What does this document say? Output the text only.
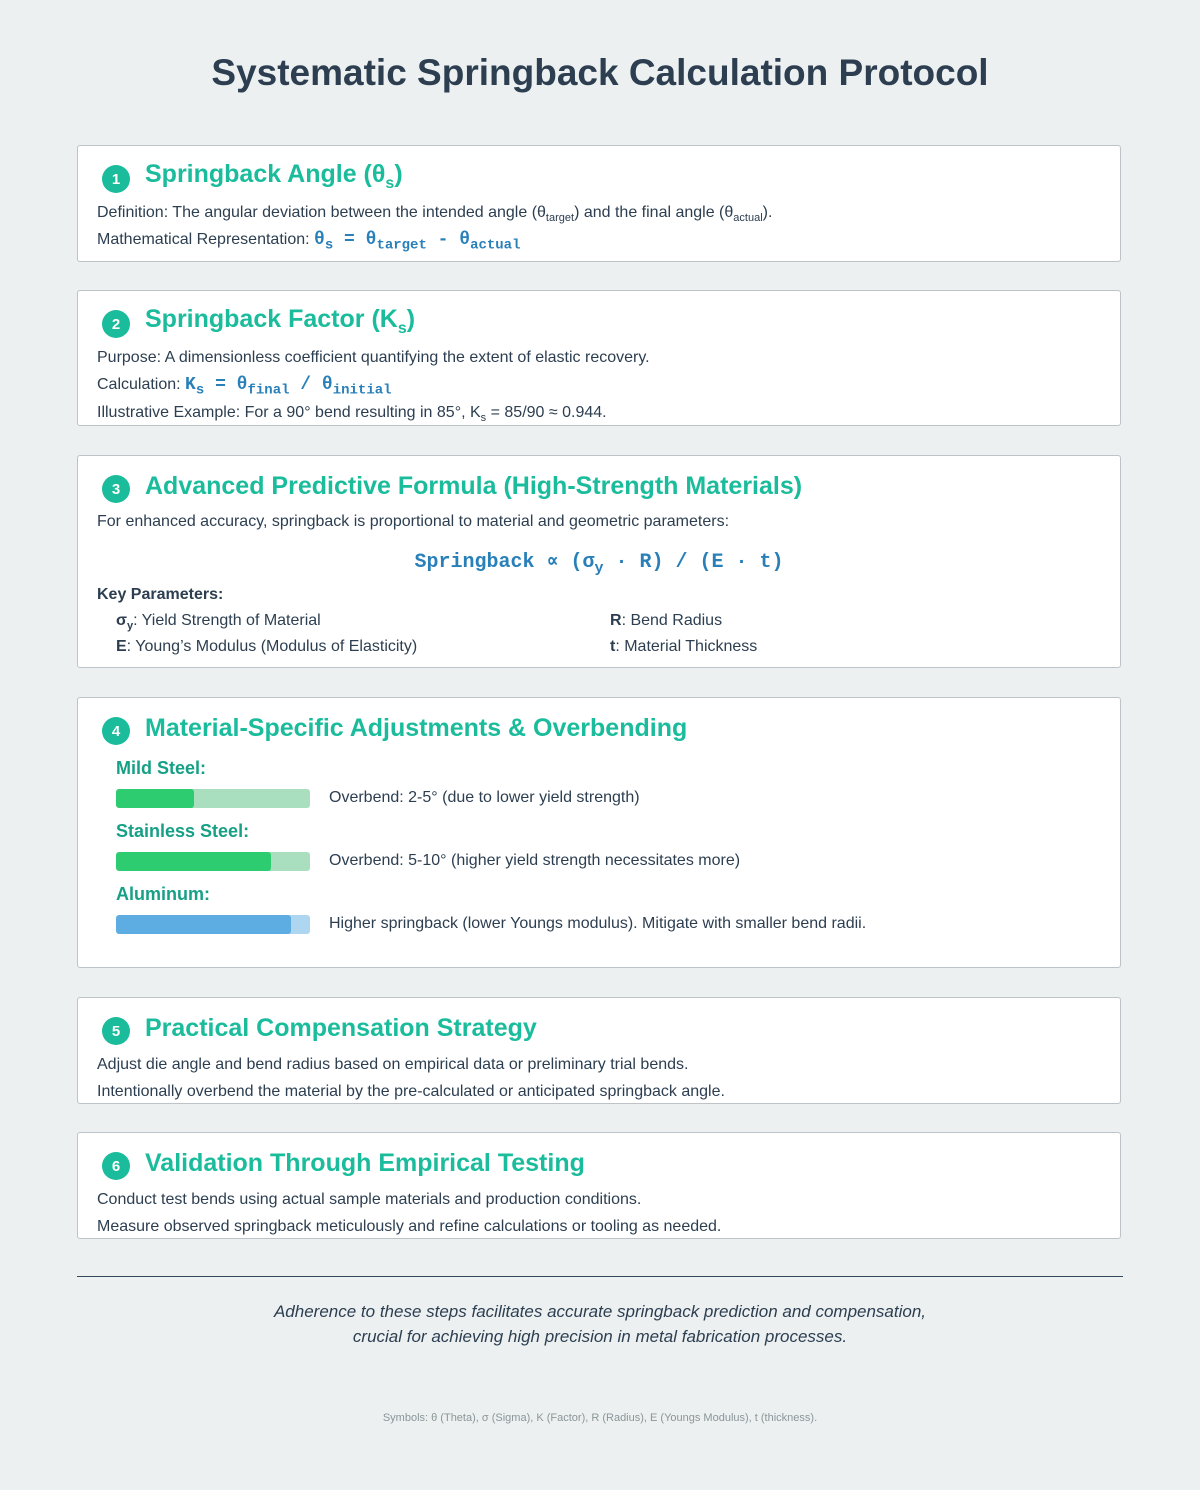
Systematic Springback Calculation Protocol
1 Springback Angle $(\theta_s)$
Definition: The angular deviation between the intended angle $(\theta_{target})$ and the final angle $(\theta_{actual})$.
Mathematical Representation: $\theta_s = \theta_{target} - \theta_{actual}$
2 Springback Factor $(K_s)$
Purpose: A dimensionless coefficient quantifying the extent of elastic recovery.
Calculation: $K_s = \theta_{final} / \theta_{initial}$
Illustrative Example: For a 90° bend resulting in 85°, $K_s = 85/90 \approx 0.944$.
3 Advanced Predictive Formula (High-Strength Materials)
For enhanced accuracy, springback is proportional to material and geometric parameters:
Springback ∝ $(\sigma_y \cdot R) / (E \cdot t)$
Key Parameters:
$\sigma_y$: Yield Strength of Material	R: Bend Radius
E: Young’s Modulus (Modulus of Elasticity)	t: Material Thickness
4 Material-Specific Adjustments & Overbending
Mild Steel:
Overbend: 2-5° (due to lower yield strength)
Stainless Steel:
Overbend: 5-10° (higher yield strength necessitates more)
Aluminum:
Higher springback (lower Youngs modulus). Mitigate with smaller bend radii.
5 Practical Compensation Strategy
Adjust die angle and bend radius based on empirical data or preliminary trial bends.
Intentionally overbend the material by the pre-calculated or anticipated springback angle.
6 Validation Through Empirical Testing
Conduct test bends using actual sample materials and production conditions.
Measure observed springback meticulously and refine calculations or tooling as needed.
Adherence to these steps facilitates accurate springback prediction and compensation,
crucial for achieving high precision in metal fabrication processes.
Symbols: θ (Theta), σ (Sigma), K (Factor), R (Radius), E (Youngs Modulus), t (thickness).
